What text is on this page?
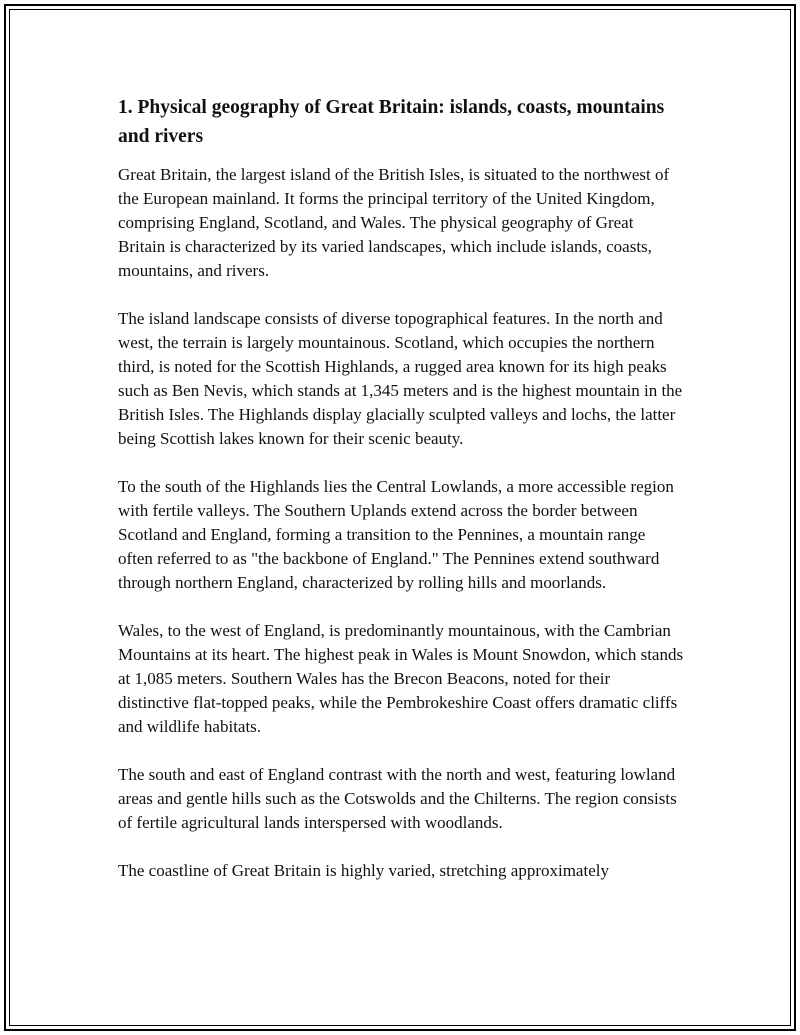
1. Physical geography of Great Britain: islands, coasts, mountains and rivers

Great Britain, the largest island of the British Isles, is situated to the northwest of the European mainland. It forms the principal territory of the United Kingdom, comprising England, Scotland, and Wales. The physical geography of Great Britain is characterized by its varied landscapes, which include islands, coasts, mountains, and rivers.

The island landscape consists of diverse topographical features. In the north and west, the terrain is largely mountainous. Scotland, which occupies the northern third, is noted for the Scottish Highlands, a rugged area known for its high peaks such as Ben Nevis, which stands at 1,345 meters and is the highest mountain in the British Isles. The Highlands display glacially sculpted valleys and lochs, the latter being Scottish lakes known for their scenic beauty.

To the south of the Highlands lies the Central Lowlands, a more accessible region with fertile valleys. The Southern Uplands extend across the border between Scotland and England, forming a transition to the Pennines, a mountain range often referred to as "the backbone of England." The Pennines extend southward through northern England, characterized by rolling hills and moorlands.

Wales, to the west of England, is predominantly mountainous, with the Cambrian Mountains at its heart. The highest peak in Wales is Mount Snowdon, which stands at 1,085 meters. Southern Wales has the Brecon Beacons, noted for their distinctive flat-topped peaks, while the Pembrokeshire Coast offers dramatic cliffs and wildlife habitats.

The south and east of England contrast with the north and west, featuring lowland areas and gentle hills such as the Cotswolds and the Chilterns. The region consists of fertile agricultural lands interspersed with woodlands.

The coastline of Great Britain is highly varied, stretching approximately
